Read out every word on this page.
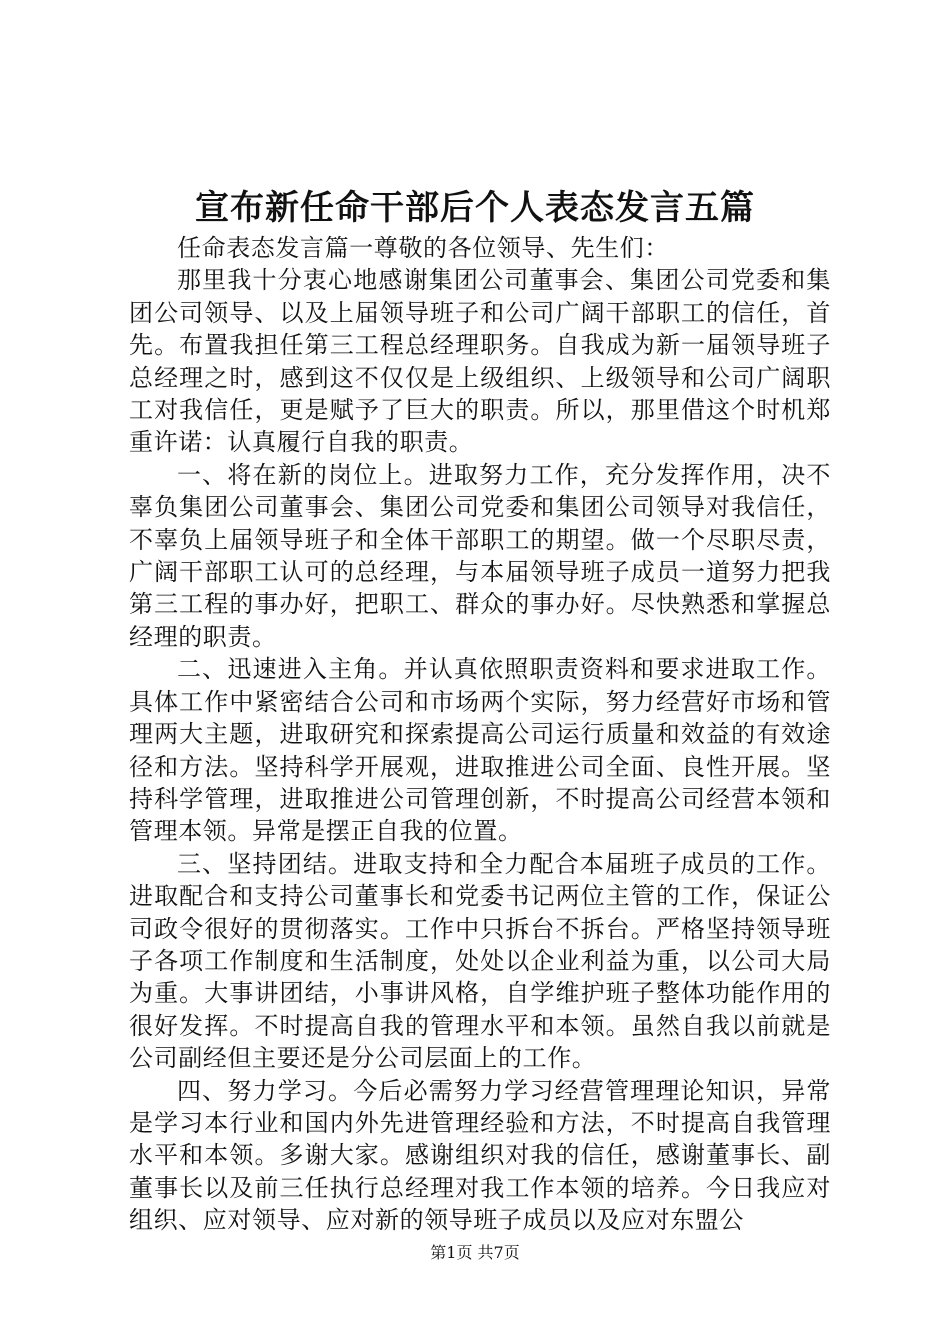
宣布新任命干部后个人表态发言五篇

任命表态发言篇一尊敬的各位领导、先生们：

那里我十分衷心地感谢集团公司董事会、集团公司党委和集团公司领导、以及上届领导班子和公司广阔干部职工的信任，首先。布置我担任第三工程总经理职务。自我成为新一届领导班子总经理之时，感到这不仅仅是上级组织、上级领导和公司广阔职工对我信任，更是赋予了巨大的职责。所以，那里借这个时机郑重许诺：认真履行自我的职责。

一、将在新的岗位上。进取努力工作，充分发挥作用，决不辜负集团公司董事会、集团公司党委和集团公司领导对我信任，不辜负上届领导班子和全体干部职工的期望。做一个尽职尽责，广阔干部职工认可的总经理，与本届领导班子成员一道努力把我第三工程的事办好，把职工、群众的事办好。尽快熟悉和掌握总经理的职责。

二、迅速进入主角。并认真依照职责资料和要求进取工作。具体工作中紧密结合公司和市场两个实际，努力经营好市场和管理两大主题，进取研究和探索提高公司运行质量和效益的有效途径和方法。坚持科学开展观，进取推进公司全面、良性开展。坚持科学管理，进取推进公司管理创新，不时提高公司经营本领和管理本领。异常是摆正自我的位置。

三、坚持团结。进取支持和全力配合本届班子成员的工作。进取配合和支持公司董事长和党委书记两位主管的工作，保证公司政令很好的贯彻落实。工作中只拆台不拆台。严格坚持领导班子各项工作制度和生活制度，处处以企业利益为重，以公司大局为重。大事讲团结，小事讲风格，自学维护班子整体功能作用的很好发挥。不时提高自我的管理水平和本领。虽然自我以前就是公司副经但主要还是分公司层面上的工作。

四、努力学习。今后必需努力学习经营管理理论知识，异常是学习本行业和国内外先进管理经验和方法，不时提高自我管理水平和本领。多谢大家。感谢组织对我的信任，感谢董事长、副董事长以及前三任执行总经理对我工作本领的培养。今日我应对组织、应对领导、应对新的领导班子成员以及应对东盟公

第1页 共7页
